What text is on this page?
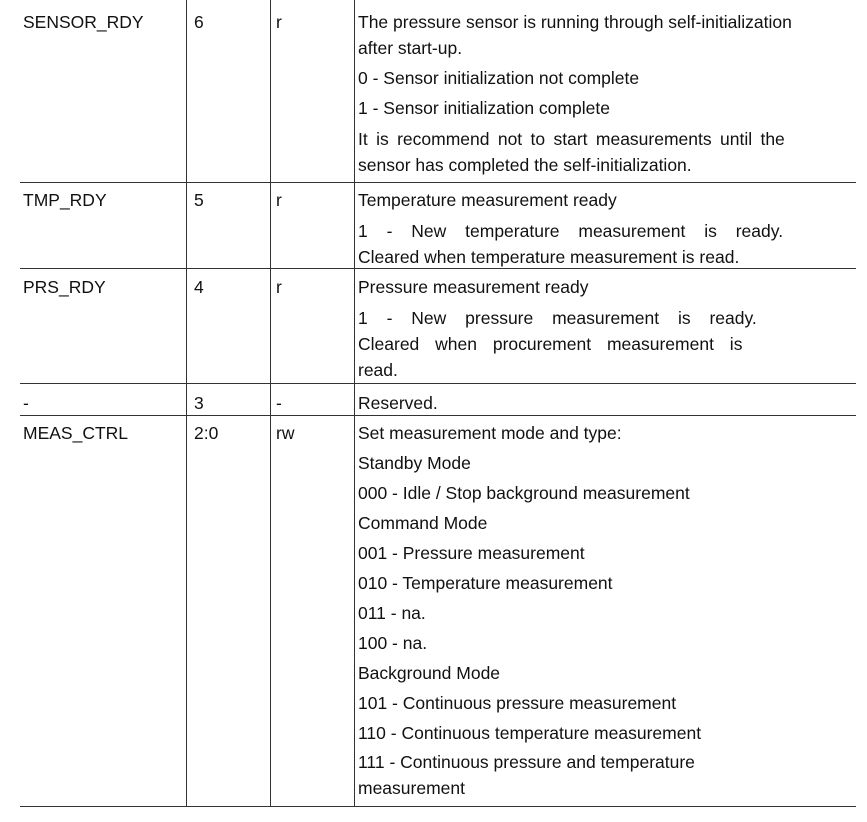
SENSOR_RDY	6	r	The pressure sensor is running through self-initialization
after start-up.
0 - Sensor initialization not complete
1 - Sensor initialization complete
It is recommend not to start measurements until the
sensor has completed the self-initialization.
TMP_RDY	5	r	Temperature measurement ready
1 - New temperature measurement is ready.
Cleared when temperature measurement is read.
PRS_RDY	4	r	Pressure measurement ready
1 - New pressure measurement is ready.
Cleared when procurement measurement is
read.
-	3	-	Reserved.
MEAS_CTRL	2:0	rw	Set measurement mode and type:
Standby Mode
000 - Idle / Stop background measurement
Command Mode
001 - Pressure measurement
010 - Temperature measurement
011 - na.
100 - na.
Background Mode
101 - Continuous pressure measurement
110 - Continuous temperature measurement
111 - Continuous pressure and temperature
measurement
